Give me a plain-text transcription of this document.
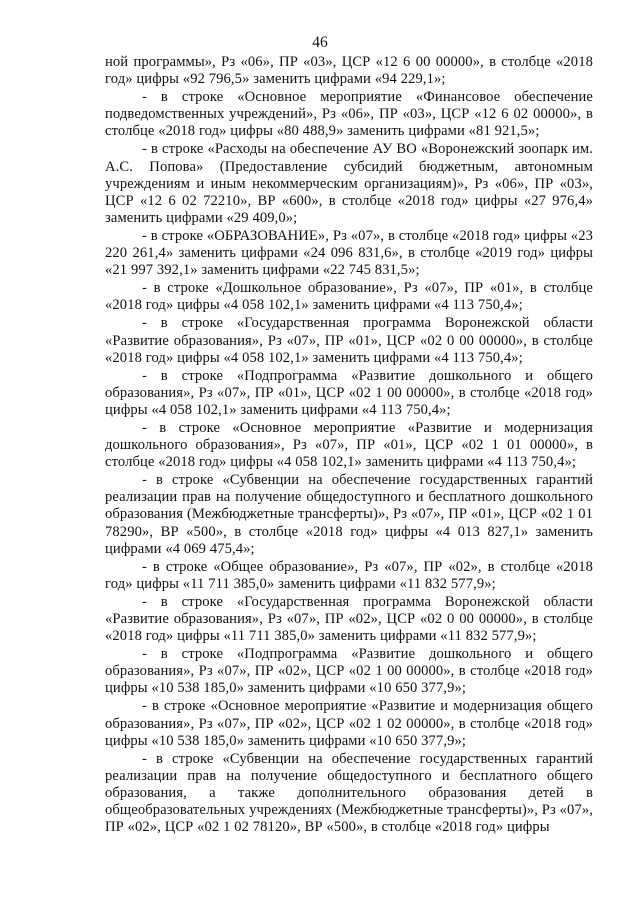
46

ной программы», Рз «06», ПР «03», ЦСР «12 6 00 00000», в столбце «2018 год» цифры «92 796,5» заменить цифрами «94 229,1»;

- в строке «Основное мероприятие «Финансовое обеспечение подведомственных учреждений», Рз «06», ПР «03», ЦСР «12 6 02 00000», в столбце «2018 год» цифры «80 488,9» заменить цифрами «81 921,5»;

- в строке «Расходы на обеспечение АУ ВО «Воронежский зоопарк им. А.С. Попова» (Предоставление субсидий бюджетным, автономным учреждениям и иным некоммерческим организациям)», Рз «06», ПР «03», ЦСР «12 6 02 72210», ВР «600», в столбце «2018 год» цифры «27 976,4» заменить цифрами «29 409,0»;

- в строке «ОБРАЗОВАНИЕ», Рз «07», в столбце «2018 год» цифры «23 220 261,4» заменить цифрами «24 096 831,6», в столбце «2019 год» цифры «21 997 392,1» заменить цифрами «22 745 831,5»;

- в строке «Дошкольное образование», Рз «07», ПР «01», в столбце «2018 год» цифры «4 058 102,1» заменить цифрами «4 113 750,4»;

- в строке «Государственная программа Воронежской области «Развитие образования», Рз «07», ПР «01», ЦСР «02 0 00 00000», в столбце «2018 год» цифры «4 058 102,1» заменить цифрами «4 113 750,4»;

- в строке «Подпрограмма «Развитие дошкольного и общего образования», Рз «07», ПР «01», ЦСР «02 1 00 00000», в столбце «2018 год» цифры «4 058 102,1» заменить цифрами «4 113 750,4»;

- в строке «Основное мероприятие «Развитие и модернизация дошкольного образования», Рз «07», ПР «01», ЦСР «02 1 01 00000», в столбце «2018 год» цифры «4 058 102,1» заменить цифрами «4 113 750,4»;

- в строке «Субвенции на обеспечение государственных гарантий реализации прав на получение общедоступного и бесплатного дошкольного образования (Межбюджетные трансферты)», Рз «07», ПР «01», ЦСР «02 1 01 78290», ВР «500», в столбце «2018 год» цифры «4 013 827,1» заменить цифрами «4 069 475,4»;

- в строке «Общее образование», Рз «07», ПР «02», в столбце «2018 год» цифры «11 711 385,0» заменить цифрами «11 832 577,9»;

- в строке «Государственная программа Воронежской области «Развитие образования», Рз «07», ПР «02», ЦСР «02 0 00 00000», в столбце «2018 год» цифры «11 711 385,0» заменить цифрами «11 832 577,9»;

- в строке «Подпрограмма «Развитие дошкольного и общего образования», Рз «07», ПР «02», ЦСР «02 1 00 00000», в столбце «2018 год» цифры «10 538 185,0» заменить цифрами «10 650 377,9»;

- в строке «Основное мероприятие «Развитие и модернизация общего образования», Рз «07», ПР «02», ЦСР «02 1 02 00000», в столбце «2018 год» цифры «10 538 185,0» заменить цифрами «10 650 377,9»;

- в строке «Субвенции на обеспечение государственных гарантий реализации прав на получение общедоступного и бесплатного общего образования, а также дополнительного образования детей в общеобразовательных учреждениях (Межбюджетные трансферты)», Рз «07», ПР «02», ЦСР «02 1 02 78120», ВР «500», в столбце «2018 год» цифры
